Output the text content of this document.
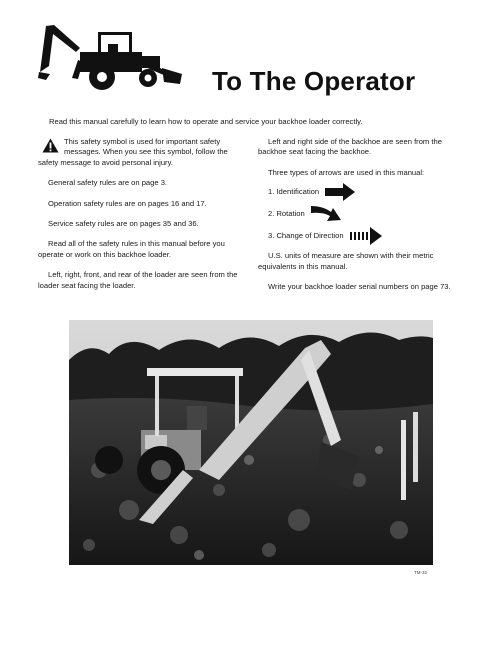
To The Operator

Read this manual carefully to learn how to operate and service your backhoe loader correctly.

This safety symbol is used for important safety messages. When you see this symbol, follow the safety message to avoid personal injury.

General safety rules are on page 3.

Operation safety rules are on pages 16 and 17.

Service safety rules are on pages 35 and 36.

Read all of the safety rules in this manual before you operate or work on this backhoe loader.

Left, right, front, and rear of the loader are seen from the loader seat facing the loader.

Left and right side of the backhoe are seen from the backhoe seat facing the backhoe.

Three types of arrows are used in this manual:

1. Identification
2. Rotation
3. Change of Direction

U.S. units of measure are shown with their metric equivalents in this manual.

Write your backhoe loader serial numbers on page 73.

TM-32
